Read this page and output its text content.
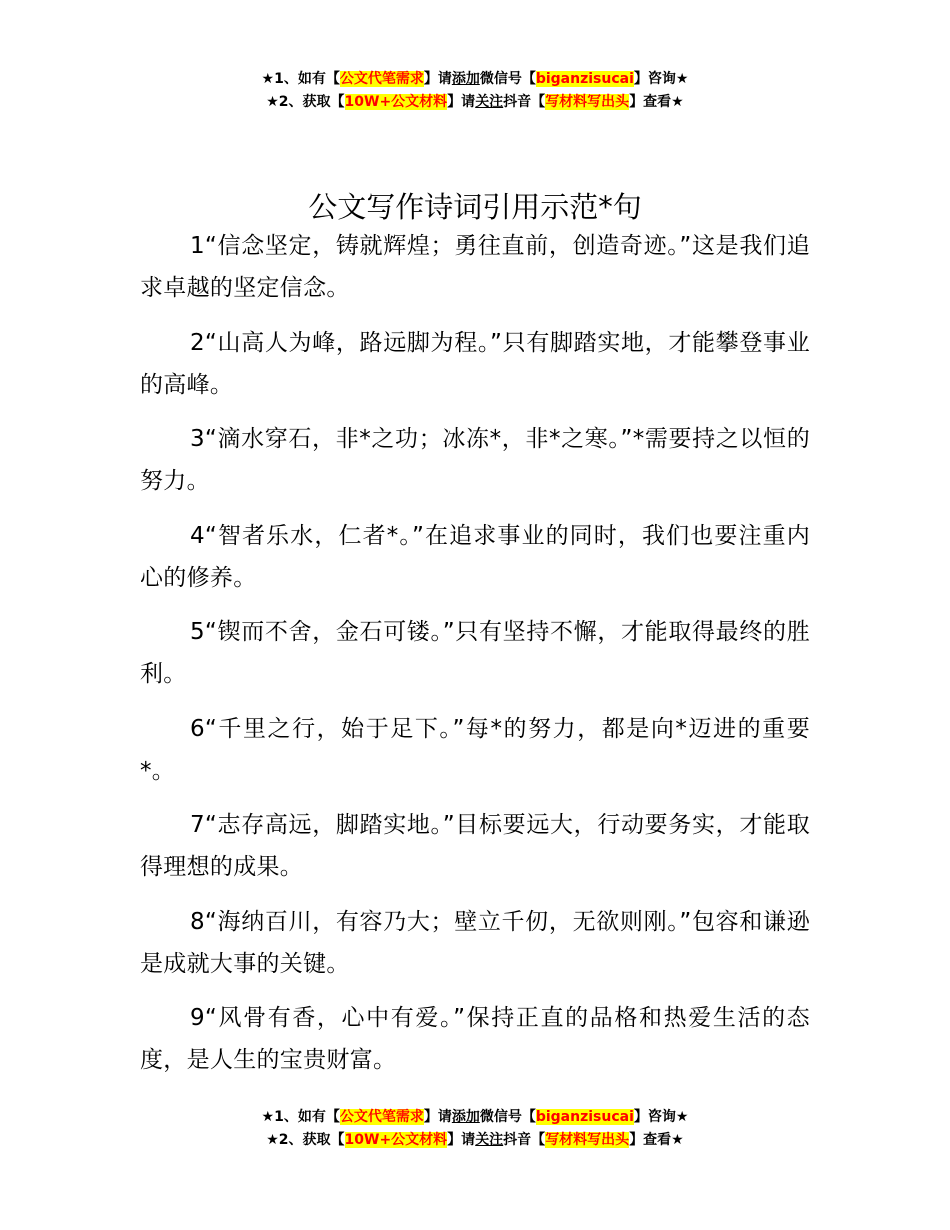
★1、如有【公文代笔需求】请添加微信号【biganzisucai】咨询★
★2、获取【10W+公文材料】请关注抖音【写材料写出头】查看★
公文写作诗词引用示范*句

1“信念坚定，铸就辉煌；勇往直前，创造奇迹。”这是我们追求卓越的坚定信念。

2“山高人为峰，路远脚为程。”只有脚踏实地，才能攀登事业的高峰。

3“滴水穿石，非*之功；冰冻*，非*之寒。”*需要持之以恒的努力。

4“智者乐水，仁者*。”在追求事业的同时，我们也要注重内心的修养。

5“锲而不舍，金石可镂。”只有坚持不懈，才能取得最终的胜利。

6“千里之行，始于足下。”每*的努力，都是向*迈进的重要*。

7“志存高远，脚踏实地。”目标要远大，行动要务实，才能取得理想的成果。

8“海纳百川，有容乃大；壁立千仞，无欲则刚。”包容和谦逊是成就大事的关键。

9“风骨有香，心中有爱。”保持正直的品格和热爱生活的态度，是人生的宝贵财富。

★1、如有【公文代笔需求】请添加微信号【biganzisucai】咨询★
★2、获取【10W+公文材料】请关注抖音【写材料写出头】查看★
